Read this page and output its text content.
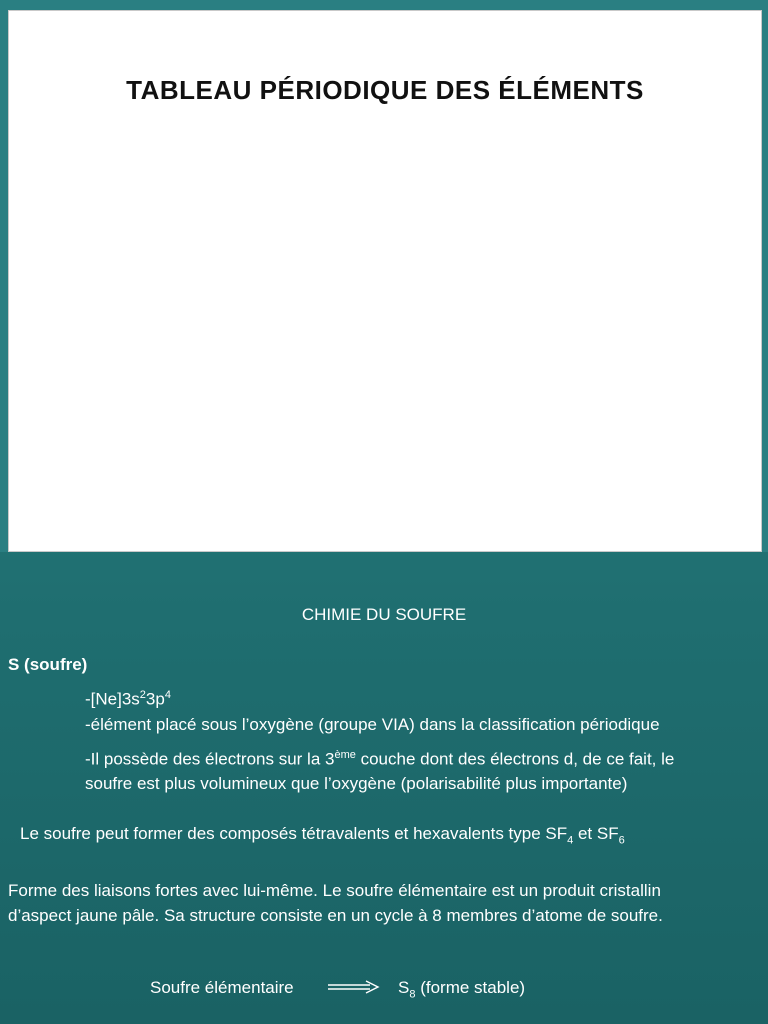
TABLEAU PÉRIODIQUE DES ÉLÉMENTS
CHIMIE DU SOUFRE
S (soufre)
$-[Ne]3s^23p^4$
-élément placé sous l’oxygène (groupe VIA) dans la classification périodique
-Il possède des électrons sur la 3ème couche dont des électrons d, de ce fait, le
soufre est plus volumineux que l’oxygène (polarisabilité plus importante)
Le soufre peut former des composés tétravalents et hexavalents type $SF_4$ et $SF_6$
Forme des liaisons fortes avec lui-même. Le soufre élémentaire est un produit cristallin
d’aspect jaune pâle. Sa structure consiste en un cycle à 8 membres d’atome de soufre.
Soufre élémentaire	$S_8$ (forme stable)
